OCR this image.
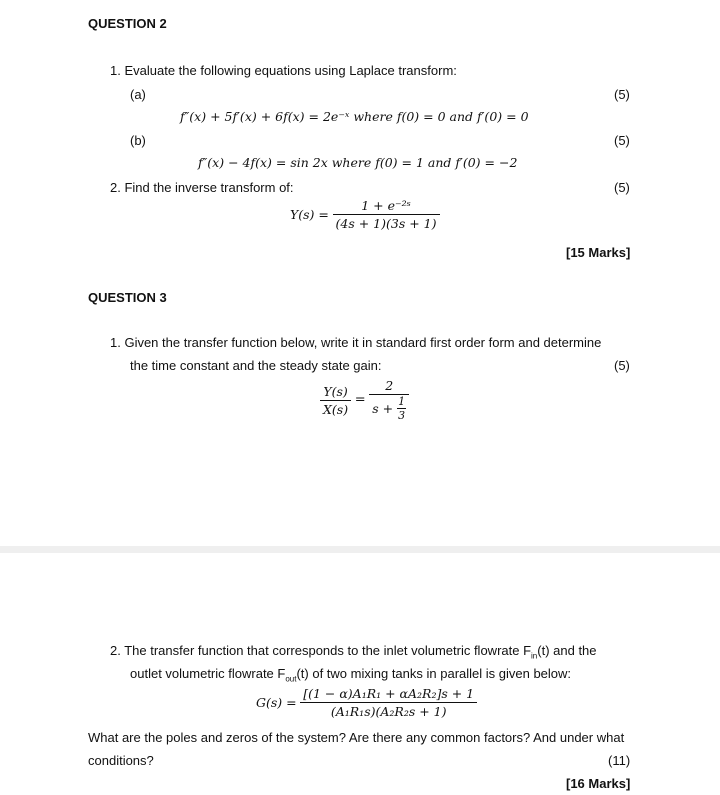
QUESTION 2
1. Evaluate the following equations using Laplace transform:
(a)	(5)
f″(x) + 5f′(x) + 6f(x) = 2e⁻ˣ where f(0) = 0 and f′(0) = 0
(b)	(5)
f″(x) − 4f(x) = sin 2x where f(0) = 1 and f′(0) = −2
2. Find the inverse transform of:	(5)
$Y(s) = \frac{\text{1 + e⁻²ˢ}}{(4s + 1)(3s + 1)}$
[15 Marks]
QUESTION 3
1. Given the transfer function below, write it in standard first order form and determine
the time constant and the steady state gain:	(5)
$\frac{Y(s)}{X(s)} = \frac{2}{s + \frac{1}{3}}$
2. The transfer function that corresponds to the inlet volumetric flowrate $F_{in}(t)$ and the
outlet volumetric flowrate $F_{out}(t)$ of two mixing tanks in parallel is given below:
$G(s) = \frac{\text{[(1 − α)A₁R₁ + αA₂R₂]s + 1}}{\text{(A₁R₁s)(A₂R₂s + 1)}}$
What are the poles and zeros of the system? Are there any common factors? And under what
conditions?	(11)
[16 Marks]
